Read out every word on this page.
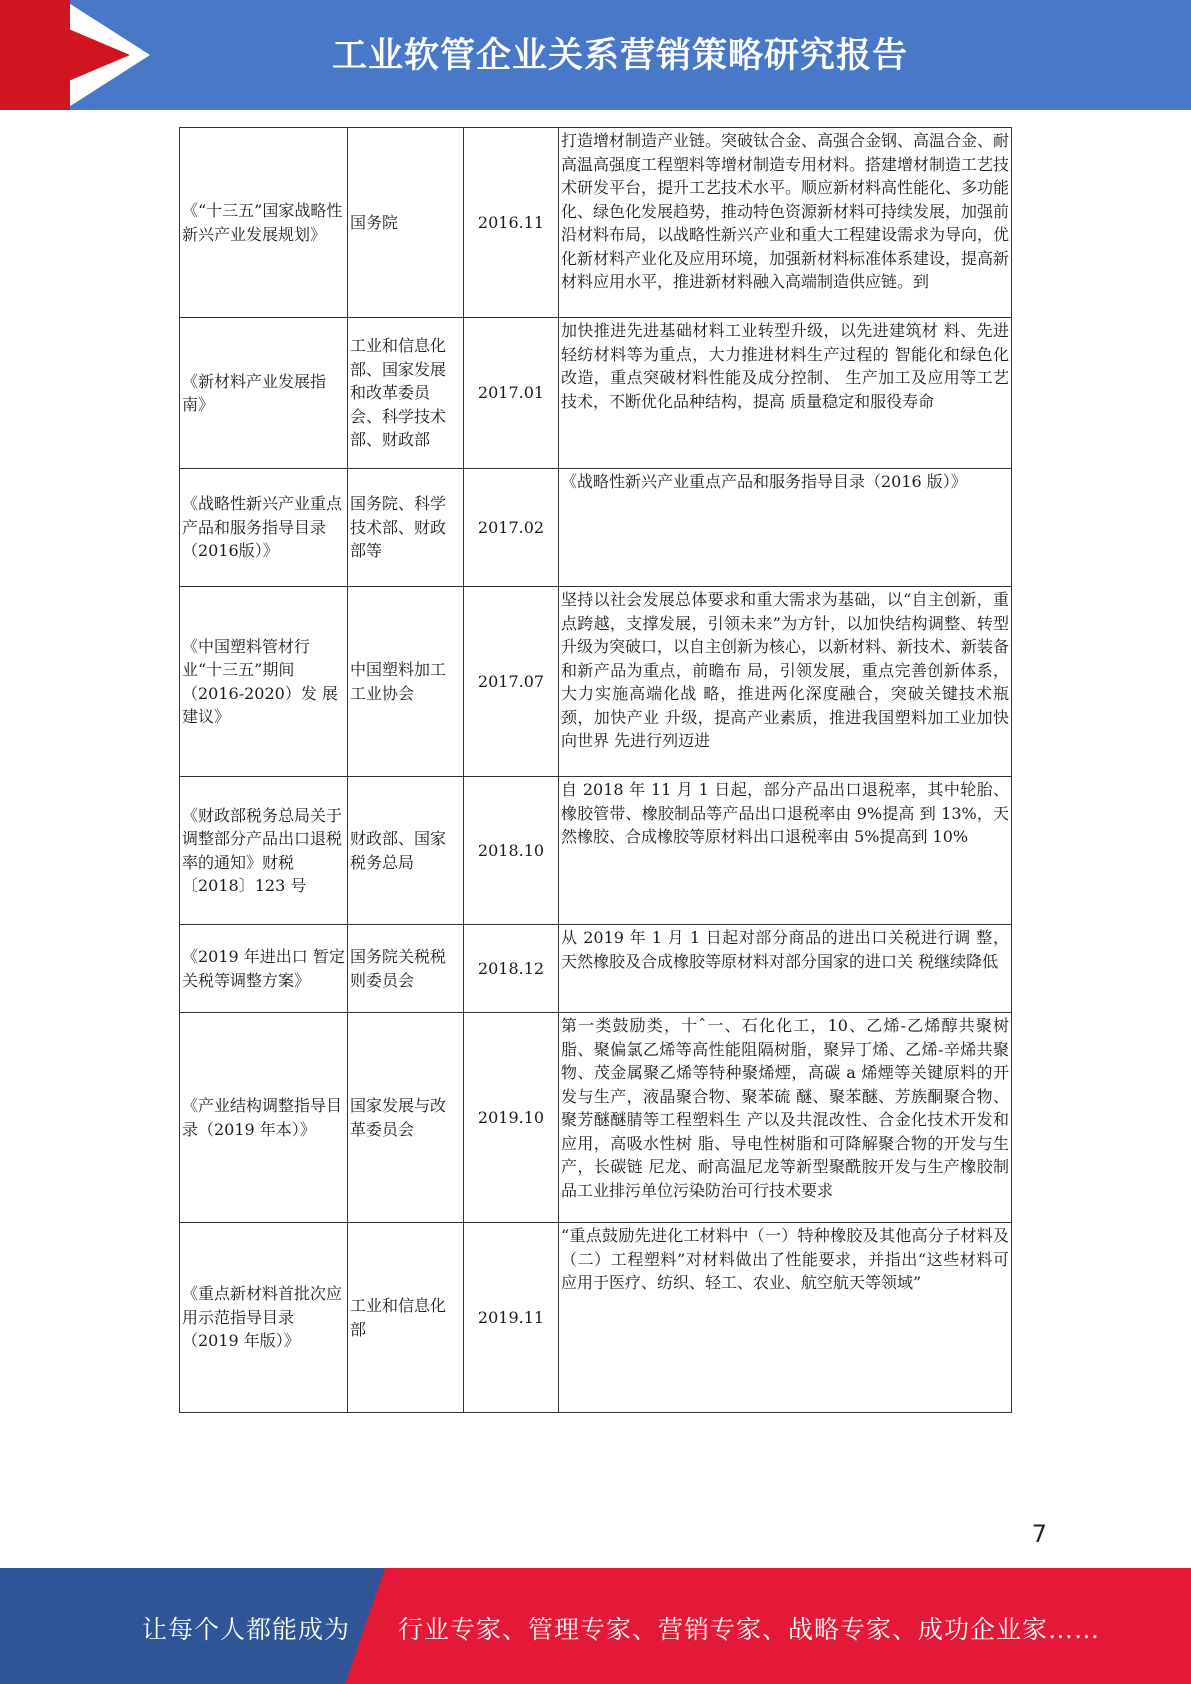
工业软管企业关系营销策略研究报告
《“十三五”国家战略性新兴产业发展规划》	国务院	2016.11	打造增材制造产业链。突破钛合金、高强合金钢、高温合金、耐高温高强度工程塑料等增材制造专用材料。搭建增材制造工艺技术研发平台，提升工艺技术水平。顺应新材料高性能化、多功能化、绿色化发展趋势，推动特色资源新材料可持续发展，加强前沿材料布局，以战略性新兴产业和重大工程建设需求为导向，优化新材料产业化及应用环境，加强新材料标准体系建设，提高新材料应用水平，推进新材料融入高端制造供应链。到
《新材料产业发展指南》	工业和信息化部、国家发展和改革委员会、科学技术部、财政部	2017.01	加快推进先进基础材料工业转型升级，以先进建筑材 料、先进轻纺材料等为重点，大力推进材料生产过程的 智能化和绿色化改造，重点突破材料性能及成分控制、 生产加工及应用等工艺技术，不断优化品种结构，提高 质量稳定和服役寿命
《战略性新兴产业重点产品和服务指导目录（2016版）》	国务院、科学技术部、财政部等	2017.02	《战略性新兴产业重点产品和服务指导目录（2016 版）》
《中国塑料管材行业“十三五”期间（2016-2020）发 展建议》	中国塑料加工工业协会	2017.07	坚持以社会发展总体要求和重大需求为基础，以“自主创新，重点跨越，支撑发展，引领未来”为方针，以加快结构调整、转型升级为突破口，以自主创新为核心，以新材料、新技术、新装备和新产品为重点，前瞻布 局，引领发展，重点完善创新体系，大力实施高端化战 略，推进两化深度融合，突破关键技术瓶颈，加快产业 升级，提高产业素质，推进我国塑料加工业加快向世界 先进行列迈进
《财政部税务总局关于调整部分产品出口退税率的通知》财税〔2018〕123 号	财政部、国家税务总局	2018.10	自 2018 年 11 月 1 日起，部分产品出口退税率，其中轮胎、橡胶管带、橡胶制品等产品出口退税率由 9%提高 到 13%，天然橡胶、合成橡胶等原材料出口退税率由 5%提高到 10%
《2019 年进出口 暂定关税等调整方案》	国务院关税税则委员会	2018.12	从 2019 年 1 月 1 日起对部分商品的进出口关税进行调 整，天然橡胶及合成橡胶等原材料对部分国家的进口关 税继续降低
《产业结构调整指导目录（2019 年本）》	国家发展与改革委员会	2019.10	第一类鼓励类，十ˆ一、石化化工，10、乙烯-乙烯醇共聚树脂、聚偏氯乙烯等高性能阻隔树脂，聚异丁烯、乙烯-辛烯共聚物、茂金属聚乙烯等特种聚烯煙，高碳 a 烯煙等关键原料的开发与生产，液晶聚合物、聚苯硫 醚、聚苯醚、芳族酮聚合物、聚芳醚醚腈等工程塑料生 产以及共混改性、合金化技术开发和应用，高吸水性树 脂、导电性树脂和可降解聚合物的开发与生产，长碳链 尼龙、耐高温尼龙等新型聚酰胺开发与生产橡胶制品工业排污单位污染防治可行技术要求
《重点新材料首批次应用示范指导目录（2019 年版）》	工业和信息化部	2019.11	“重点鼓励先进化工材料中（一）特种橡胶及其他高分子材料及（二）工程塑料”对材料做出了性能要求，并指出“这些材料可应用于医疗、纺织、轻工、农业、航空航天等领域”
7
让每个人都能成为 行业专家、管理专家、营销专家、战略专家、成功企业家……
